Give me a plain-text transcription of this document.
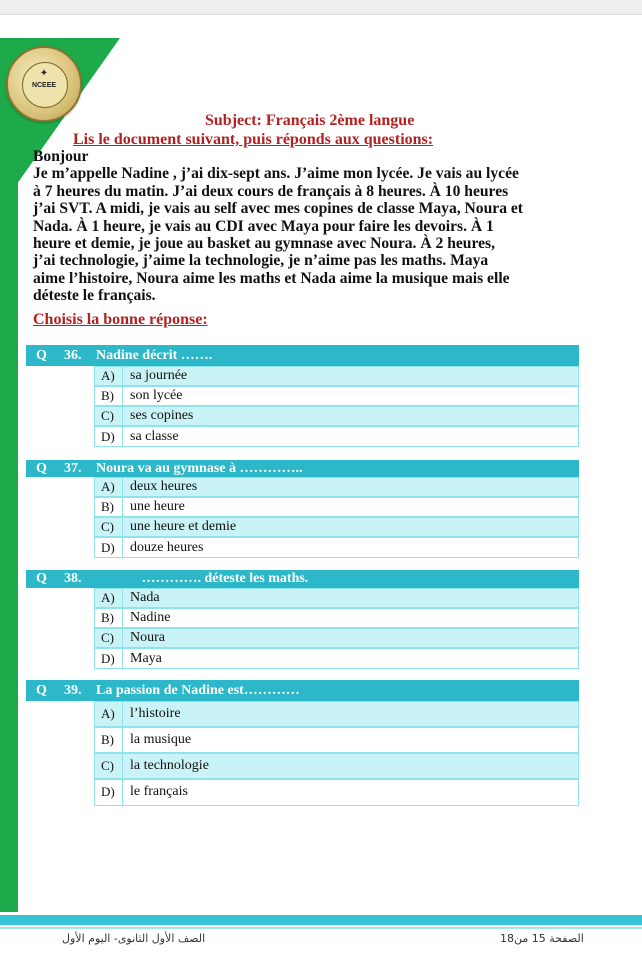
✦
NCEEE
Subject: Français 2ème langue
Lis le document suivant, puis réponds aux questions:
Bonjour
Je m’appelle Nadine , j’ai dix-sept ans. J’aime mon lycée. Je vais au lycée
à 7 heures du matin. J’ai deux cours de français à 8 heures. À 10 heures
j’ai SVT. A midi, je vais au self avec mes copines de classe Maya, Noura et
Nada. À 1 heure, je vais au CDI avec Maya pour faire les devoirs. À 1
heure et demie, je joue au basket au gymnase avec Noura. À 2 heures,
j’ai technologie, j’aime la technologie, je n’aime pas les maths. Maya
aime l’histoire, Noura aime les maths et Nada aime la musique mais elle
déteste le français.
Choisis la bonne réponse:
Q 36. Nadine décrit …….
A) sa journée
B) son lycée
C) ses copines
D) sa classe
Q 37. Noura va au gymnase à …………..
A) deux heures
B) une heure
C) une heure et demie
D) douze heures
Q 38. …………. déteste les maths.
A) Nada
B) Nadine
C) Noura
D) Maya
Q 39. La passion de Nadine est…………
A) l’histoire
B) la musique
C) la technologie
D) le français
الصف الأول الثانوى- اليوم الأول	الصفحة 15 من18
